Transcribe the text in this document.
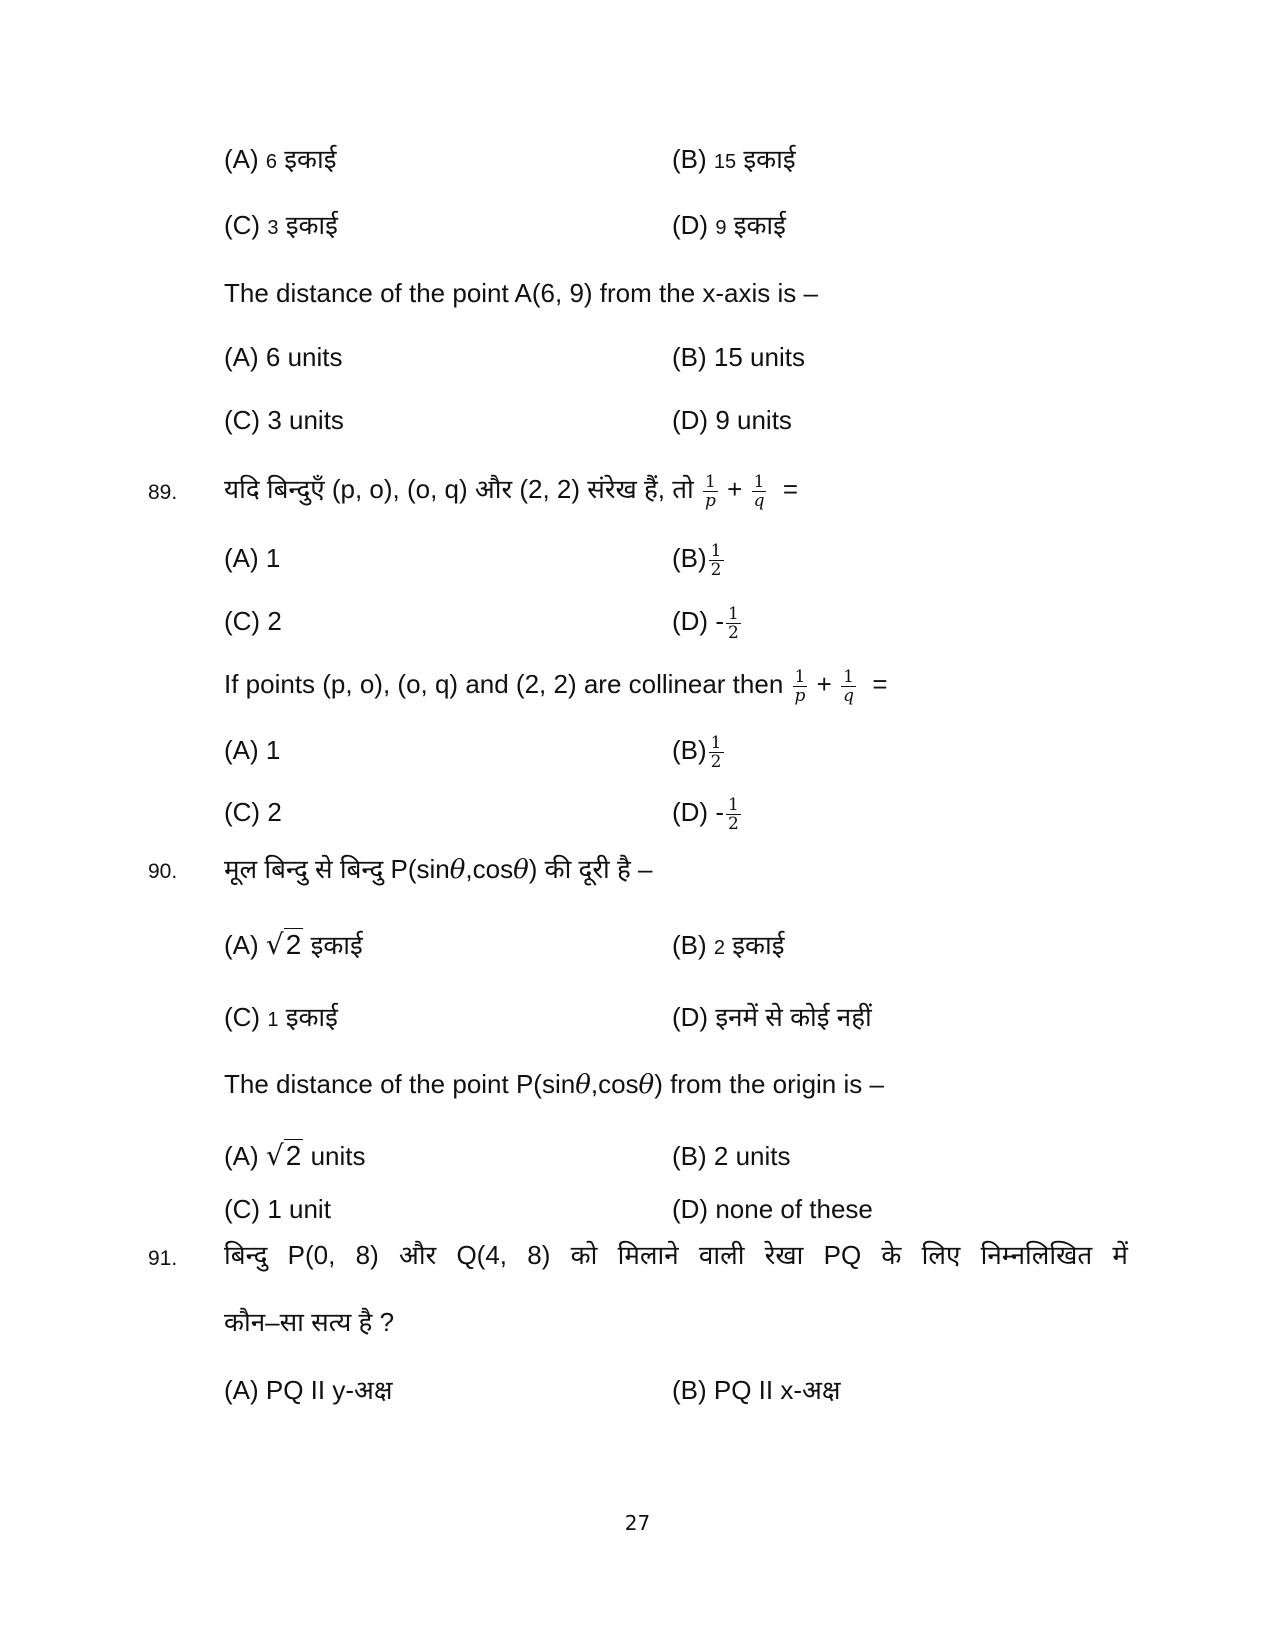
(A) 6 इकाई	(B) 15 इकाई
(C) 3 इकाई	(D) 9 इकाई
The distance of the point A(6, 9) from the x-axis is –
(A) 6 units	(B) 15 units
(C) 3 units	(D) 9 units
89. यदि बिन्दुएँ (p, o), (o, q) और (2, 2) संरेख हैं, तो $\frac{1}{p} + \frac{1}{q}$ =
(A) 1	$(B) \frac{1}{2}$
(C) 2	$(D) - \frac{1}{2}$
If points (p, o), (o, q) and (2, 2) are collinear then $\frac{1}{p} + \frac{1}{q}$ =
(A) 1	$(B) \frac{1}{2}$
(C) 2	$(D) - \frac{1}{2}$
90. मूल बिन्दु से बिन्दु P(sinθ,cosθ) की दूरी है –
(A) √2 इकाई	(B) 2 इकाई
(C) 1 इकाई	(D) इनमें से कोई नहीं
The distance of the point P(sinθ,cosθ) from the origin is –
(A) √2 units	(B) 2 units
(C) 1 unit	(D) none of these
91. बिन्दु P(0, 8) और Q(4, 8) को मिलाने वाली रेखा PQ के लिए निम्नलिखित में
कौन–सा सत्य है ?
(A) PQ II y-अक्ष	(B) PQ II x-अक्ष
27
